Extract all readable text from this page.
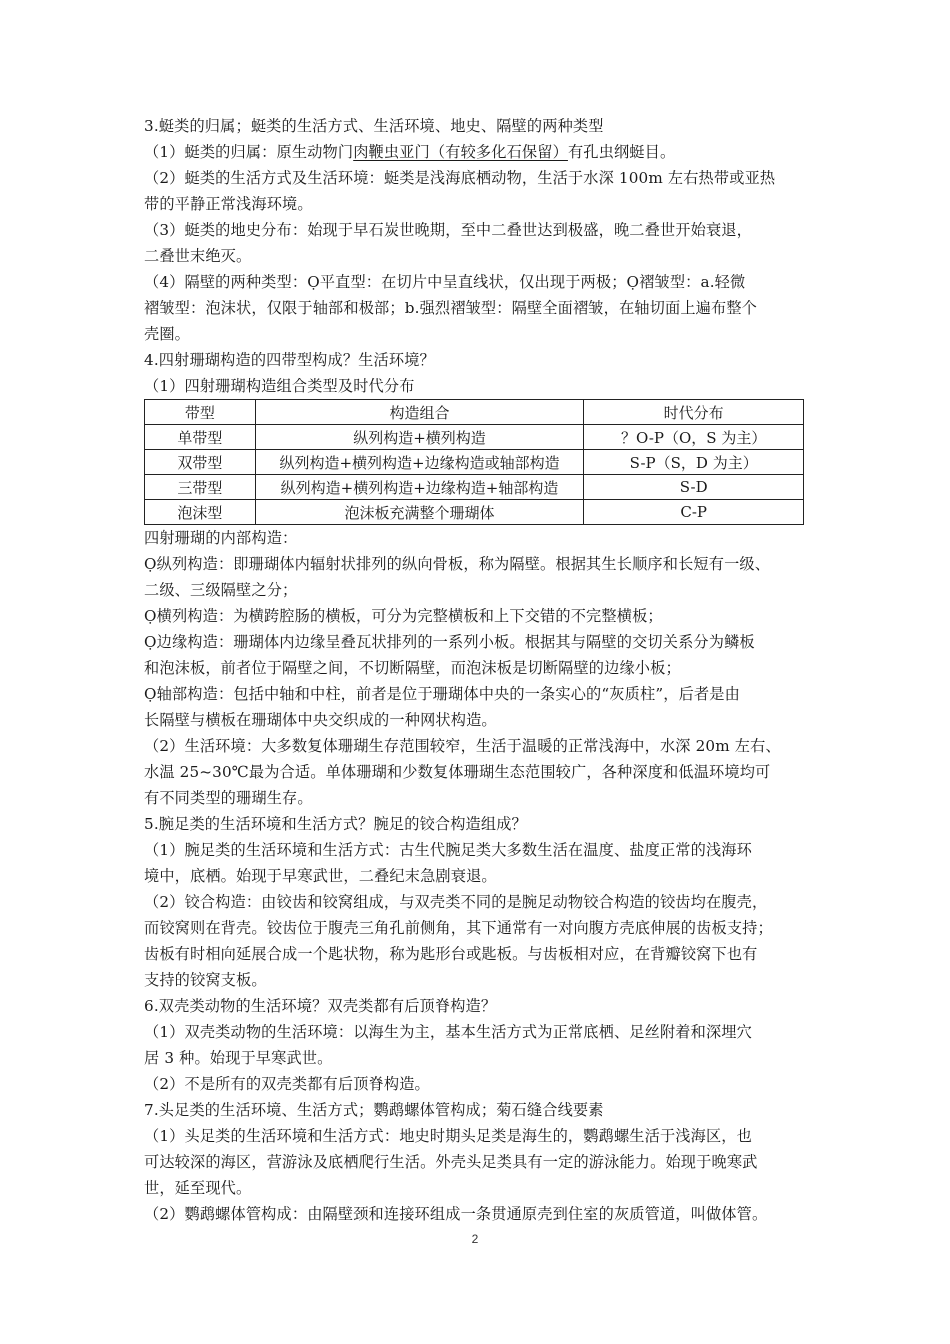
3.蜓类的归属；蜓类的生活方式、生活环境、地史、隔壁的两种类型
（1）蜓类的归属：原生动物门肉鞭虫亚门（有较多化石保留）有孔虫纲蜓目。
（2）蜓类的生活方式及生活环境：蜓类是浅海底栖动物，生活于水深 100m 左右热带或亚热
带的平静正常浅海环境。
（3）蜓类的地史分布：始现于早石炭世晚期，至中二叠世达到极盛，晚二叠世开始衰退，
二叠世末绝灭。
（4）隔壁的两种类型：Ọ平直型：在切片中呈直线状，仅出现于两极；Ọ褶皱型：a.轻微
褶皱型：泡沫状，仅限于轴部和极部；b.强烈褶皱型：隔壁全面褶皱，在轴切面上遍布整个
壳圈。
4.四射珊瑚构造的四带型构成？生活环境？
（1）四射珊瑚构造组合类型及时代分布
带型	构造组合	时代分布
单带型	纵列构造+横列构造	？O-P（O，S 为主）
双带型	纵列构造+横列构造+边缘构造或轴部构造	S-P（S，D 为主）
三带型	纵列构造+横列构造+边缘构造+轴部构造	S-D
泡沫型	泡沫板充满整个珊瑚体	C-P
四射珊瑚的内部构造：
Ọ纵列构造：即珊瑚体内辐射状排列的纵向骨板，称为隔壁。根据其生长顺序和长短有一级、
二级、三级隔壁之分；
Ọ横列构造：为横跨腔肠的横板，可分为完整横板和上下交错的不完整横板；
Ọ边缘构造：珊瑚体内边缘呈叠瓦状排列的一系列小板。根据其与隔壁的交切关系分为鳞板
和泡沫板，前者位于隔壁之间，不切断隔壁，而泡沫板是切断隔壁的边缘小板；
Ọ轴部构造：包括中轴和中柱，前者是位于珊瑚体中央的一条实心的“灰质柱”，后者是由
长隔壁与横板在珊瑚体中央交织成的一种网状构造。
（2）生活环境：大多数复体珊瑚生存范围较窄，生活于温暖的正常浅海中，水深 20m 左右、
水温 25~30℃最为合适。单体珊瑚和少数复体珊瑚生态范围较广，各种深度和低温环境均可
有不同类型的珊瑚生存。
5.腕足类的生活环境和生活方式？腕足的铰合构造组成？
（1）腕足类的生活环境和生活方式：古生代腕足类大多数生活在温度、盐度正常的浅海环
境中，底栖。始现于早寒武世，二叠纪末急剧衰退。
（2）铰合构造：由铰齿和铰窝组成，与双壳类不同的是腕足动物铰合构造的铰齿均在腹壳，
而铰窝则在背壳。铰齿位于腹壳三角孔前侧角，其下通常有一对向腹方壳底伸展的齿板支持；
齿板有时相向延展合成一个匙状物，称为匙形台或匙板。与齿板相对应，在背瓣铰窝下也有
支持的铰窝支板。
6.双壳类动物的生活环境？双壳类都有后顶脊构造？
（1）双壳类动物的生活环境：以海生为主，基本生活方式为正常底栖、足丝附着和深埋穴
居 3 种。始现于早寒武世。
（2）不是所有的双壳类都有后顶脊构造。
7.头足类的生活环境、生活方式；鹦鹉螺体管构成；菊石缝合线要素
（1）头足类的生活环境和生活方式：地史时期头足类是海生的，鹦鹉螺生活于浅海区，也
可达较深的海区，营游泳及底栖爬行生活。外壳头足类具有一定的游泳能力。始现于晚寒武
世，延至现代。
（2）鹦鹉螺体管构成：由隔壁颈和连接环组成一条贯通原壳到住室的灰质管道，叫做体管。
2
